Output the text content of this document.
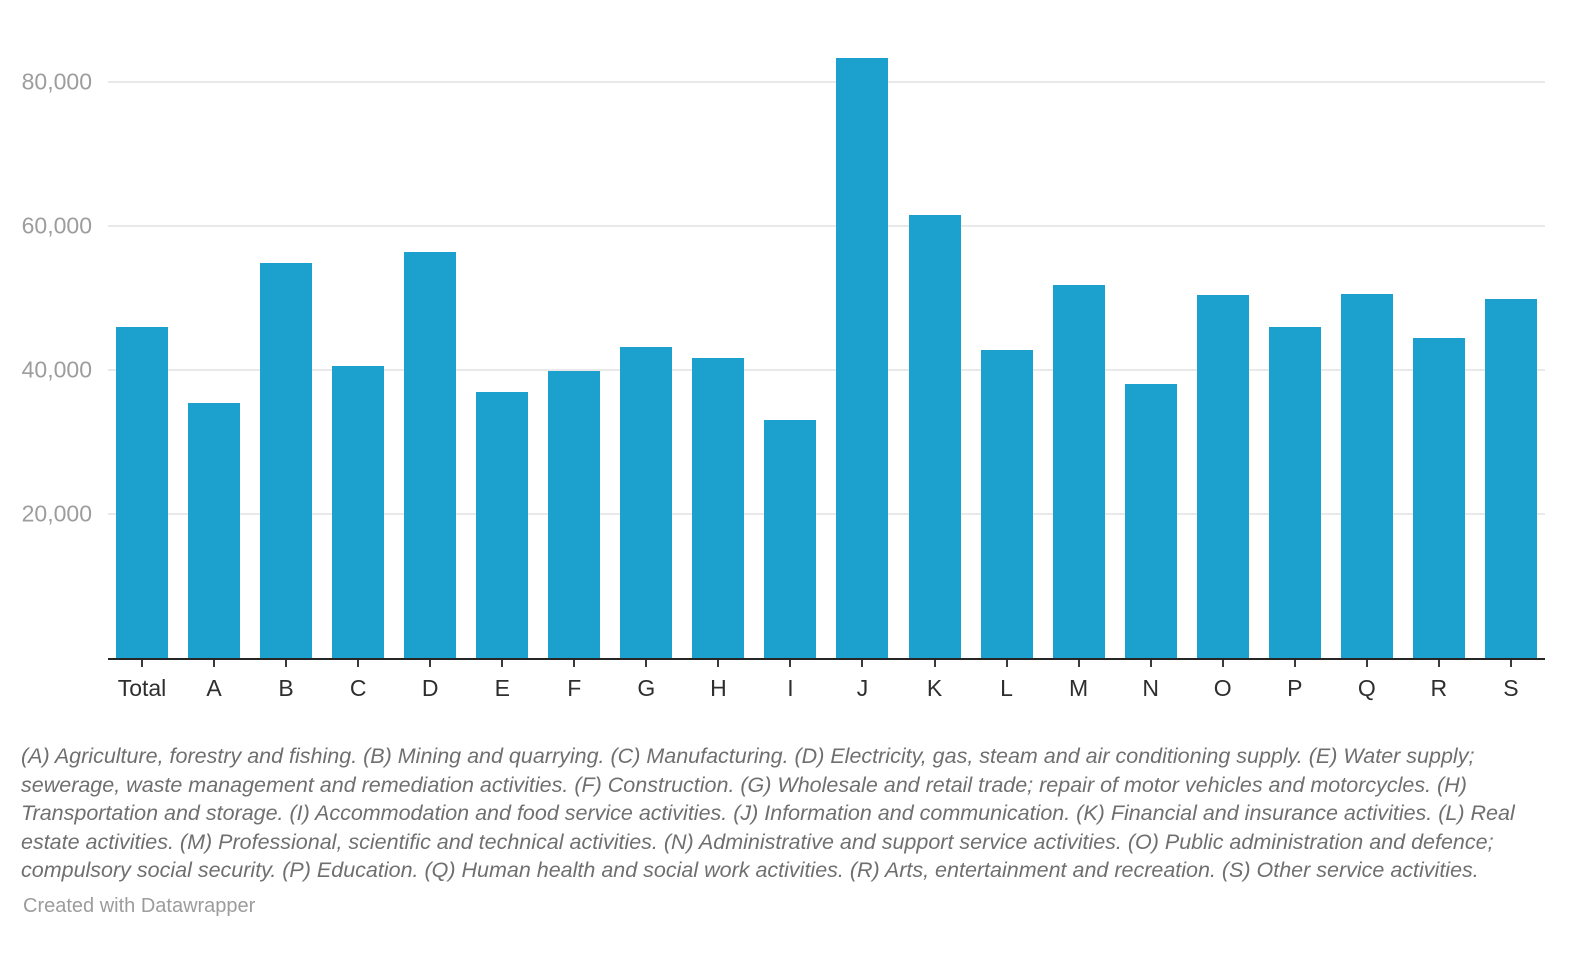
20,000
40,000
60,000
80,000
Total A B C D E F G H	I	J	K	L M N O P Q R S

(A) Agriculture, forestry and fishing. (B) Mining and quarrying. (C) Manufacturing. (D) Electricity, gas, steam and air conditioning supply. (E) Water supply; sewerage, waste management and remediation activities. (F) Construction. (G) Wholesale and retail trade; repair of motor vehicles and motorcycles. (H) Transportation and storage. (I) Accommodation and food service activities. (J) Information and communication. (K) Financial and insurance activities. (L) Real estate activities. (M) Professional, scientific and technical activities. (N) Administrative and support service activities. (O) Public administration and defence; compulsory social security. (P) Education. (Q) Human health and social work activities. (R) Arts, entertainment and recreation. (S) Other service activities.

Created with Datawrapper
